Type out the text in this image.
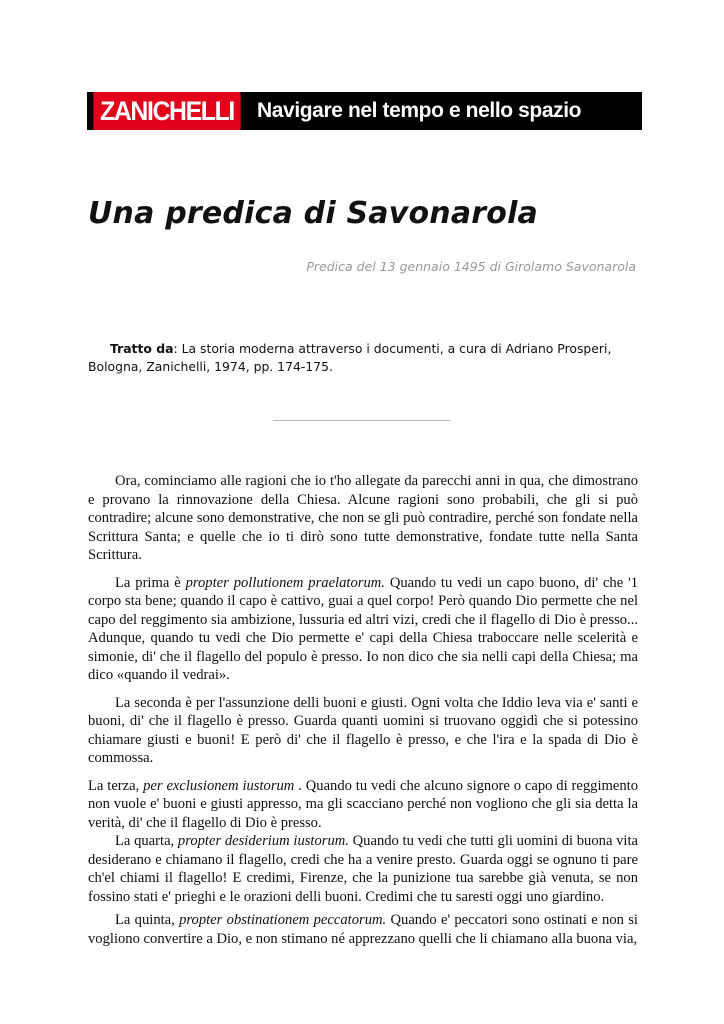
ZANICHELLI	Navigare nel tempo e nello spazio
Una predica di Savonarola

Predica del 13 gennaio 1495 di Girolamo Savonarola

Tratto da: La storia moderna attraverso i documenti, a cura di Adriano Prosperi, Bologna, Zanichelli, 1974, pp. 174-175.

Ora, cominciamo alle ragioni che io t'ho allegate da parecchi anni in qua, che dimostrano e provano la rinnovazione della Chiesa. Alcune ragioni sono probabili, che gli si può contradire; alcune sono demonstrative, che non se gli può contradire, perché son fondate nella Scrittura Santa; e quelle che io ti dirò sono tutte demonstrative, fondate tutte nella Santa Scrittura.

La prima è propter pollutionem praelatorum. Quando tu vedi un capo buono, di' che '1 corpo sta bene; quando il capo è cattivo, guai a quel corpo! Però quando Dio permette che nel capo del reggimento sia ambizione, lussuria ed altri vizi, credi che il flagello di Dio è presso... Adunque, quando tu vedi che Dio permette e' capi della Chiesa traboccare nelle scelerità e simonie, di' che il flagello del populo è presso. Io non dico che sia nelli capi della Chiesa; ma dico «quando il vedrai».

La seconda è per l'assunzione delli buoni e giusti. Ogni volta che Iddio leva via e' santi e buoni, di' che il flagello è presso. Guarda quanti uomini si truovano oggidì che si potessino chiamare giusti e buoni! E però di' che il flagello è presso, e che l'ira e la spada di Dio è commossa.

La terza, per exclusionem iustorum . Quando tu vedi che alcuno signore o capo di reggimento non vuole e' buoni e giusti appresso, ma gli scacciano perché non vogliono che gli sia detta la verità, di' che il flagello di Dio è presso.

La quarta, propter desiderium iustorum. Quando tu vedi che tutti gli uomini di buona vita desiderano e chiamano il flagello, credi che ha a venire presto. Guarda oggi se ognuno ti pare ch'el chiami il flagello! E credimi, Firenze, che la punizione tua sarebbe già venuta, se non fossino stati e' prieghi e le orazioni delli buoni. Credimi che tu saresti oggi uno giardino.

La quinta, propter obstinationem peccatorum. Quando e' peccatori sono ostinati e non si vogliono convertire a Dio, e non stimano né apprezzano quelli che li chiamano alla buona via,
